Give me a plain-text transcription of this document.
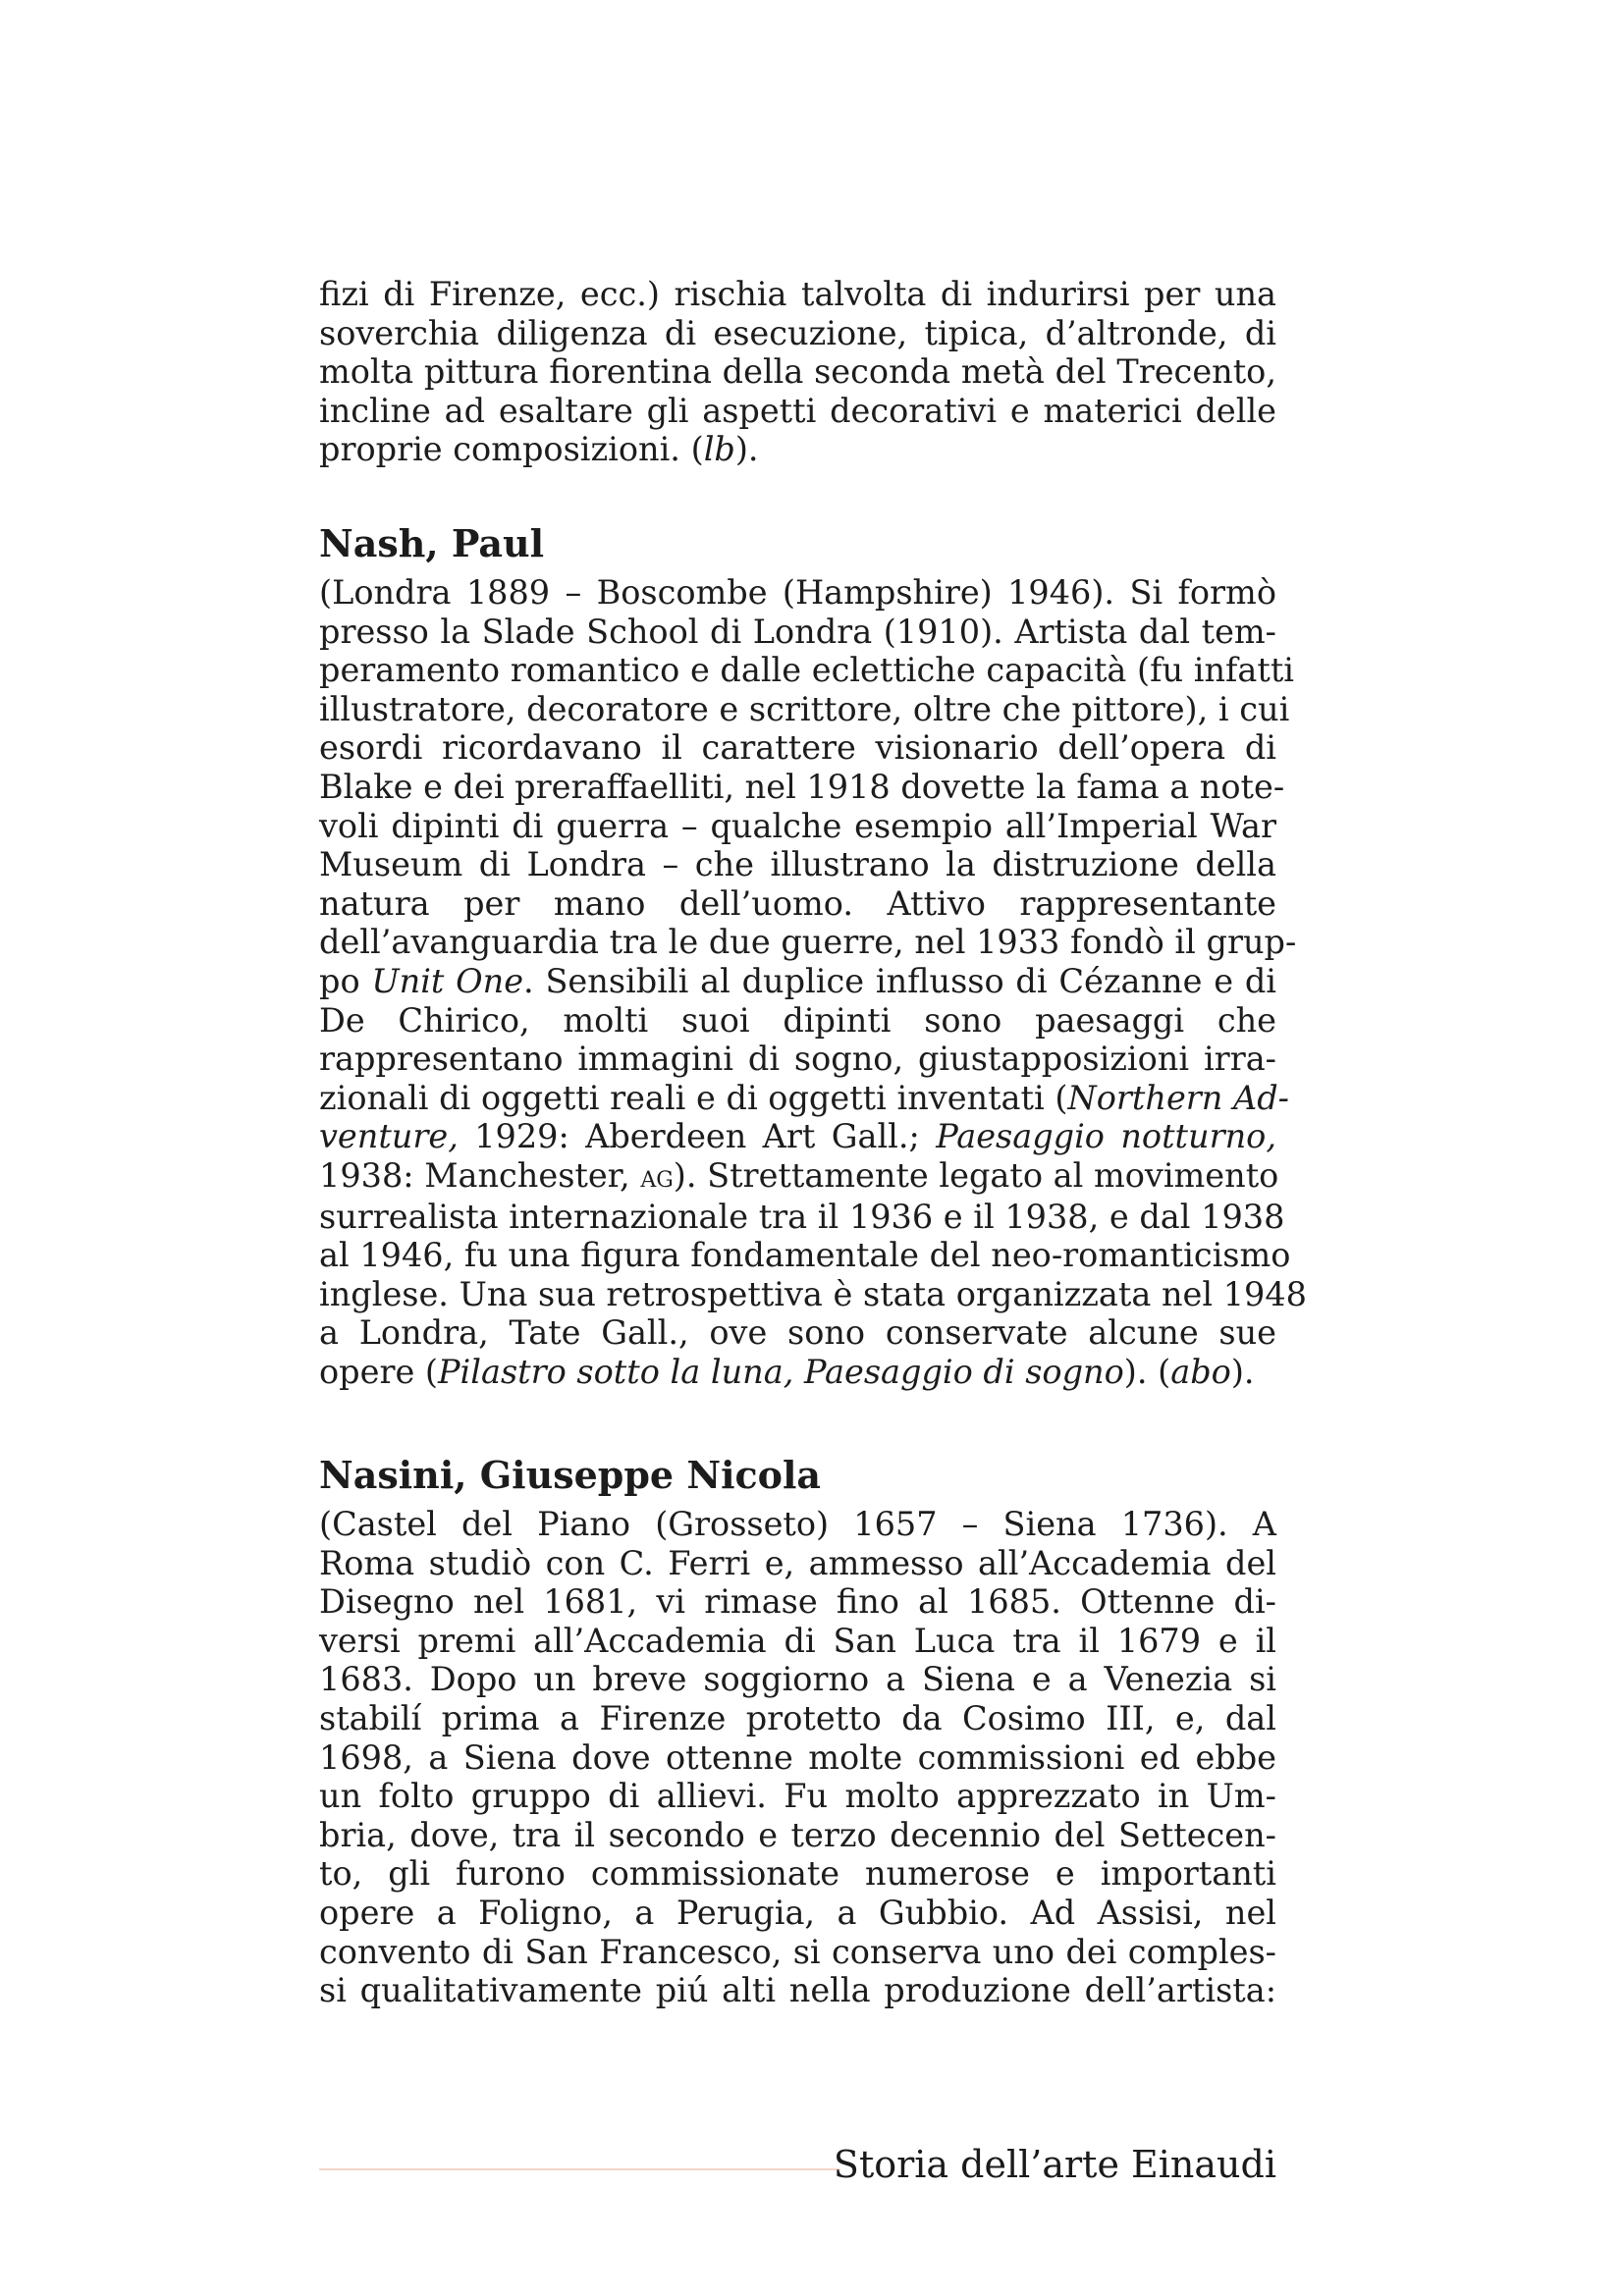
fizi di Firenze, ecc.) rischia talvolta di indurirsi per una
soverchia diligenza di esecuzione, tipica, d’altronde, di
molta pittura fiorentina della seconda metà del Trecento,
incline ad esaltare gli aspetti decorativi e materici delle
proprie composizioni. (lb).
Nash, Paul
(Londra 1889 – Boscombe (Hampshire) 1946). Si formò
presso la Slade School di Londra (1910). Artista dal tem-
peramento romantico e dalle eclettiche capacità (fu infatti
illustratore, decoratore e scrittore, oltre che pittore), i cui
esordi ricordavano il carattere visionario dell’opera di
Blake e dei preraffaelliti, nel 1918 dovette la fama a note-
voli dipinti di guerra – qualche esempio all’Imperial War
Museum di Londra – che illustrano la distruzione della
natura per mano dell’uomo. Attivo rappresentante
dell’avanguardia tra le due guerre, nel 1933 fondò il grup-
po Unit One. Sensibili al duplice influsso di Cézanne e di
De Chirico, molti suoi dipinti sono paesaggi che
rappresentano immagini di sogno, giustapposizioni irra-
zionali di oggetti reali e di oggetti inventati (Northern Ad-
venture, 1929: Aberdeen Art Gall.; Paesaggio notturno,
1938: Manchester, ag). Strettamente legato al movimento
surrealista internazionale tra il 1936 e il 1938, e dal 1938
al 1946, fu una figura fondamentale del neo-romanticismo
inglese. Una sua retrospettiva è stata organizzata nel 1948
a Londra, Tate Gall., ove sono conservate alcune sue
opere (Pilastro sotto la luna, Paesaggio di sogno). (abo).
Nasini, Giuseppe Nicola
(Castel del Piano (Grosseto) 1657 – Siena 1736). A
Roma studiò con C. Ferri e, ammesso all’Accademia del
Disegno nel 1681, vi rimase fino al 1685. Ottenne di-
versi premi all’Accademia di San Luca tra il 1679 e il
1683. Dopo un breve soggiorno a Siena e a Venezia si
stabilí prima a Firenze protetto da Cosimo III, e, dal
1698, a Siena dove ottenne molte commissioni ed ebbe
un folto gruppo di allievi. Fu molto apprezzato in Um-
bria, dove, tra il secondo e terzo decennio del Settecen-
to, gli furono commissionate numerose e importanti
opere a Foligno, a Perugia, a Gubbio. Ad Assisi, nel
convento di San Francesco, si conserva uno dei comples-
si qualitativamente piú alti nella produzione dell’artista:
Storia dell’arte Einaudi
